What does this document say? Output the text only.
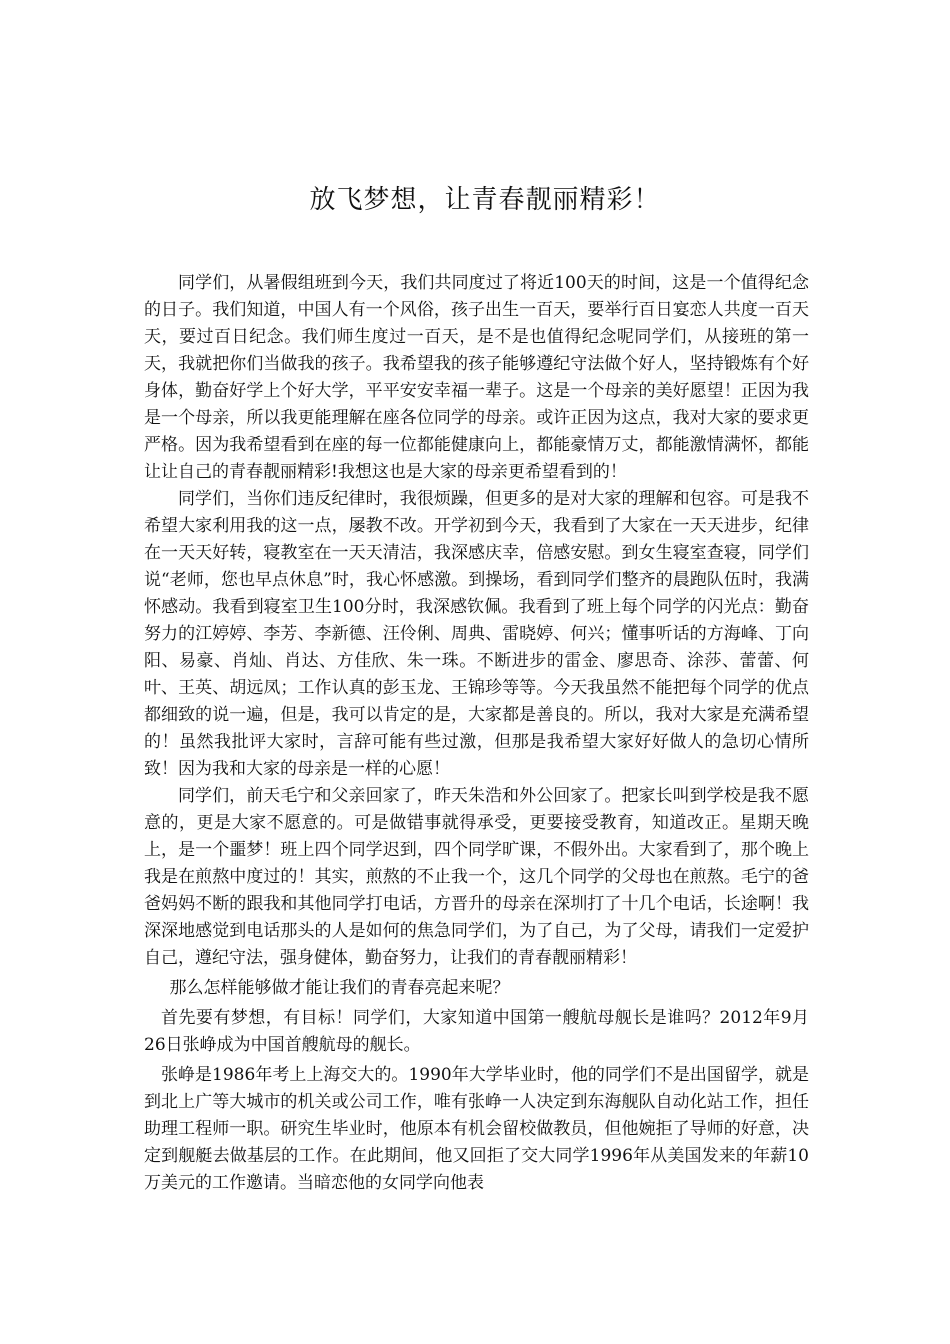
放飞梦想，让青春靓丽精彩！

同学们，从暑假组班到今天，我们共同度过了将近100天的时间，这是一个值得纪念的日子。我们知道，中国人有一个风俗，孩子出生一百天，要举行百日宴恋人共度一百天天，要过百日纪念。我们师生度过一百天，是不是也值得纪念呢同学们，从接班的第一天，我就把你们当做我的孩子。我希望我的孩子能够遵纪守法做个好人，坚持锻炼有个好身体，勤奋好学上个好大学，平平安安幸福一辈子。这是一个母亲的美好愿望！正因为我是一个母亲，所以我更能理解在座各位同学的母亲。或许正因为这点，我对大家的要求更严格。因为我希望看到在座的每一位都能健康向上，都能豪情万丈，都能激情满怀，都能让让自己的青春靓丽精彩!我想这也是大家的母亲更希望看到的！

同学们，当你们违反纪律时，我很烦躁，但更多的是对大家的理解和包容。可是我不希望大家利用我的这一点，屡教不改。开学初到今天，我看到了大家在一天天进步，纪律在一天天好转，寝教室在一天天清洁，我深感庆幸，倍感安慰。到女生寝室查寝，同学们说“老师，您也早点休息”时，我心怀感激。到操场，看到同学们整齐的晨跑队伍时，我满怀感动。我看到寝室卫生100分时，我深感钦佩。我看到了班上每个同学的闪光点：勤奋努力的江婷婷、李芳、李新德、汪伶俐、周典、雷晓婷、何兴；懂事听话的方海峰、丁向阳、易豪、肖灿、肖达、方佳欣、朱一珠。不断进步的雷金、廖思奇、涂莎、蕾蕾、何叶、王英、胡远凤；工作认真的彭玉龙、王锦珍等等。今天我虽然不能把每个同学的优点都细致的说一遍，但是，我可以肯定的是，大家都是善良的。所以，我对大家是充满希望的！虽然我批评大家时，言辞可能有些过激，但那是我希望大家好好做人的急切心情所致！因为我和大家的母亲是一样的心愿！

同学们，前天毛宁和父亲回家了，昨天朱浩和外公回家了。把家长叫到学校是我不愿意的，更是大家不愿意的。可是做错事就得承受，更要接受教育，知道改正。星期天晚上，是一个噩梦！班上四个同学迟到，四个同学旷课，不假外出。大家看到了，那个晚上我是在煎熬中度过的！其实，煎熬的不止我一个，这几个同学的父母也在煎熬。毛宁的爸爸妈妈不断的跟我和其他同学打电话，方晋升的母亲在深圳打了十几个电话，长途啊！我深深地感觉到电话那头的人是如何的焦急同学们，为了自己，为了父母，请我们一定爱护自己，遵纪守法，强身健体，勤奋努力，让我们的青春靓丽精彩！

那么怎样能够做才能让我们的青春亮起来呢？

首先要有梦想，有目标！同学们，大家知道中国第一艘航母舰长是谁吗？2012年9月26日张峥成为中国首艘航母的舰长。

张峥是1986年考上上海交大的。1990年大学毕业时，他的同学们不是出国留学，就是到北上广等大城市的机关或公司工作，唯有张峥一人决定到东海舰队自动化站工作，担任助理工程师一职。研究生毕业时，他原本有机会留校做教员，但他婉拒了导师的好意，决定到舰艇去做基层的工作。在此期间，他又回拒了交大同学1996年从美国发来的年薪10万美元的工作邀请。当暗恋他的女同学向他表
